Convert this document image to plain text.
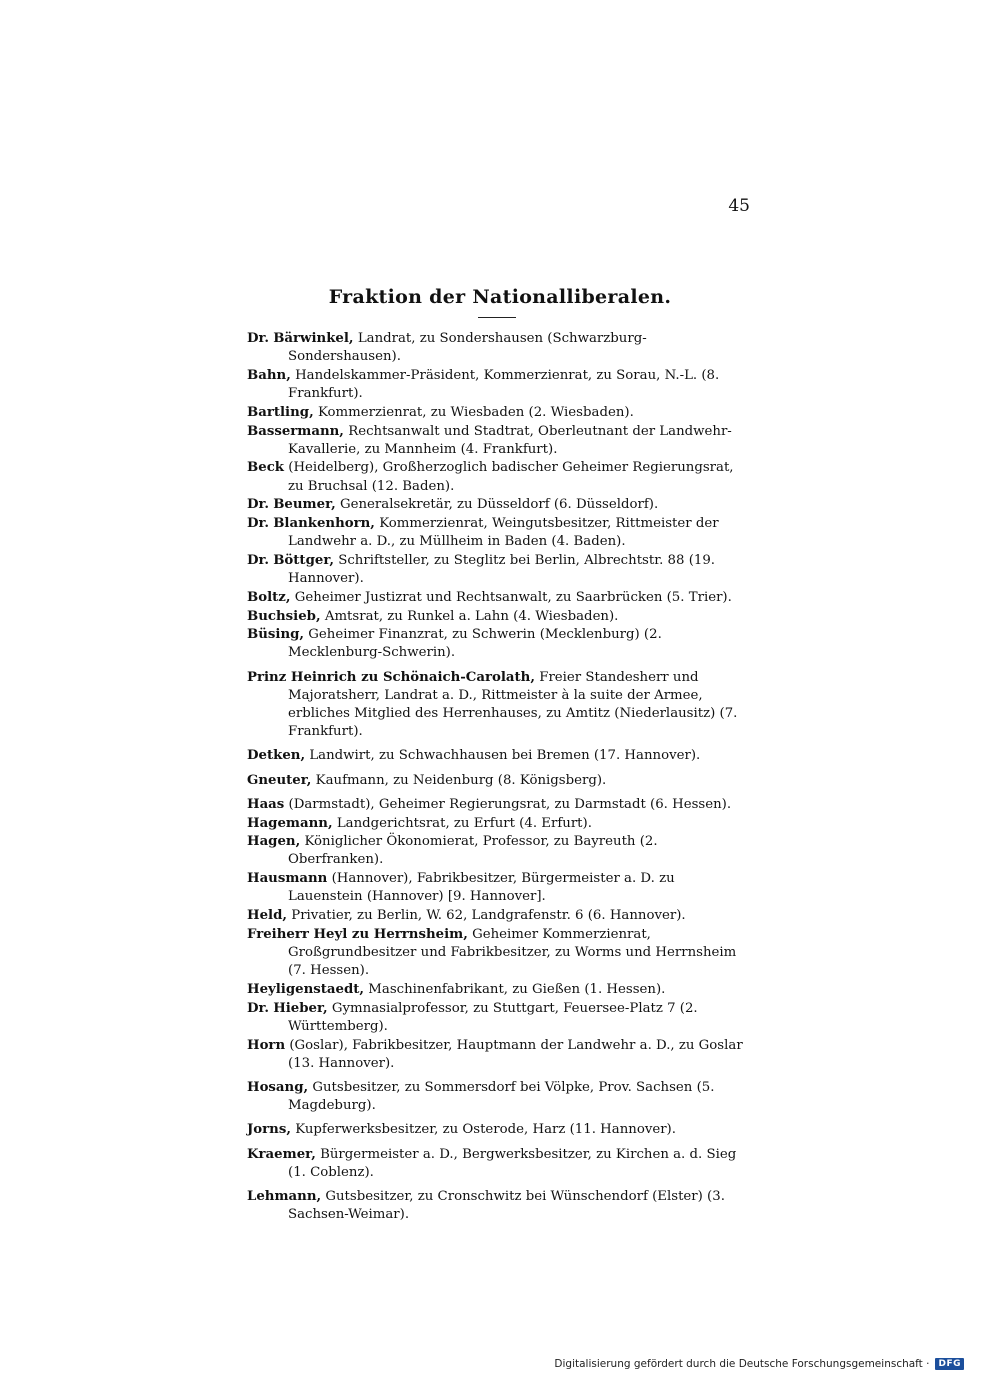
45
Fraktion der Nationalliberalen.

Dr. Bärwinkel, Landrat, zu Sondershausen (Schwarzburg-Sondershausen).

Bahn, Handelskammer-Präsident, Kommerzienrat, zu Sorau, N.-L. (8. Frankfurt).

Bartling, Kommerzienrat, zu Wiesbaden (2. Wiesbaden).

Bassermann, Rechtsanwalt und Stadtrat, Oberleutnant der Landwehr-Kavallerie, zu Mannheim (4. Frankfurt).

Beck (Heidelberg), Großherzoglich badischer Geheimer Regierungsrat, zu Bruchsal (12. Baden).

Dr. Beumer, Generalsekretär, zu Düsseldorf (6. Düsseldorf).

Dr. Blankenhorn, Kommerzienrat, Weingutsbesitzer, Rittmeister der Landwehr a. D., zu Müllheim in Baden (4. Baden).

Dr. Böttger, Schriftsteller, zu Steglitz bei Berlin, Albrechtstr. 88 (19. Hannover).

Boltz, Geheimer Justizrat und Rechtsanwalt, zu Saarbrücken (5. Trier).

Buchsieb, Amtsrat, zu Runkel a. Lahn (4. Wiesbaden).

Büsing, Geheimer Finanzrat, zu Schwerin (Mecklenburg) (2. Mecklenburg-Schwerin).

Prinz Heinrich zu Schönaich-Carolath, Freier Standesherr und Majoratsherr, Landrat a. D., Rittmeister à la suite der Armee, erbliches Mitglied des Herrenhauses, zu Amtitz (Niederlausitz) (7. Frankfurt).

Detken, Landwirt, zu Schwachhausen bei Bremen (17. Hannover).

Gneuter, Kaufmann, zu Neidenburg (8. Königsberg).

Haas (Darmstadt), Geheimer Regierungsrat, zu Darmstadt (6. Hessen).

Hagemann, Landgerichtsrat, zu Erfurt (4. Erfurt).

Hagen, Königlicher Ökonomierat, Professor, zu Bayreuth (2. Oberfranken).

Hausmann (Hannover), Fabrikbesitzer, Bürgermeister a. D. zu Lauenstein (Hannover) [9. Hannover].

Held, Privatier, zu Berlin, W. 62, Landgrafenstr. 6 (6. Hannover).

Freiherr Heyl zu Herrnsheim, Geheimer Kommerzienrat, Großgrundbesitzer und Fabrikbesitzer, zu Worms und Herrnsheim (7. Hessen).

Heyligenstaedt, Maschinenfabrikant, zu Gießen (1. Hessen).

Dr. Hieber, Gymnasialprofessor, zu Stuttgart, Feuersee-Platz 7 (2. Württemberg).

Horn (Goslar), Fabrikbesitzer, Hauptmann der Landwehr a. D., zu Goslar (13. Hannover).

Hosang, Gutsbesitzer, zu Sommersdorf bei Völpke, Prov. Sachsen (5. Magdeburg).

Jorns, Kupferwerksbesitzer, zu Osterode, Harz (11. Hannover).

Kraemer, Bürgermeister a. D., Bergwerksbesitzer, zu Kirchen a. d. Sieg (1. Coblenz).

Lehmann, Gutsbesitzer, zu Cronschwitz bei Wünschendorf (Elster) (3. Sachsen-Weimar).

Digitalisierung gefördert durch die Deutsche Forschungsgemeinschaft ·	DFG
